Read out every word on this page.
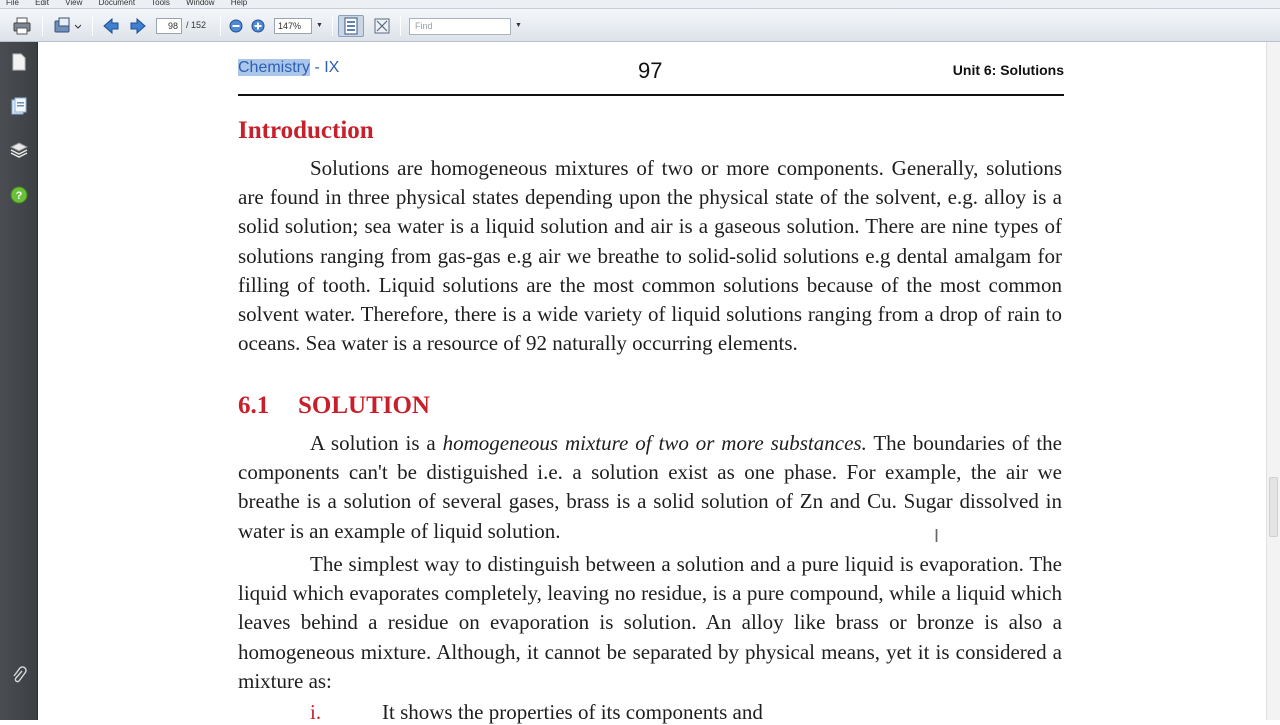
File Edit View Document Tools Window Help
98 / 152	147%	▼	Find	▼
?
Chemistry - IX	97	Unit 6: Solutions
Introduction
Solutions are homogeneous mixtures of two or more components. Generally, solutions are found in three physical states depending upon the physical state of the solvent, e.g. alloy is a solid solution; sea water is a liquid solution and air is a gaseous solution. There are nine types of solutions ranging from gas-gas e.g air we breathe to solid-solid solutions e.g dental amalgam for filling of tooth. Liquid solutions are the most common solutions because of the most common solvent water. Therefore, there is a wide variety of liquid solutions ranging from a drop of rain to oceans. Sea water is a resource of 92 naturally occurring elements.
6.1 SOLUTION
A solution is a homogeneous mixture of two or more substances. The boundaries of the components can't be distiguished i.e. a solution exist as one phase. For example, the air we breathe is a solution of several gases, brass is a solid solution of Zn and Cu. Sugar dissolved in water is an example of liquid solution.
The simplest way to distinguish between a solution and a pure liquid is evaporation. The liquid which evaporates completely, leaving no residue, is a pure compound, while a liquid which leaves behind a residue on evaporation is solution. An alloy like brass or bronze is also a homogeneous mixture. Although, it cannot be separated by physical means, yet it is considered a mixture as:
i.	It shows the properties of its components and
I
